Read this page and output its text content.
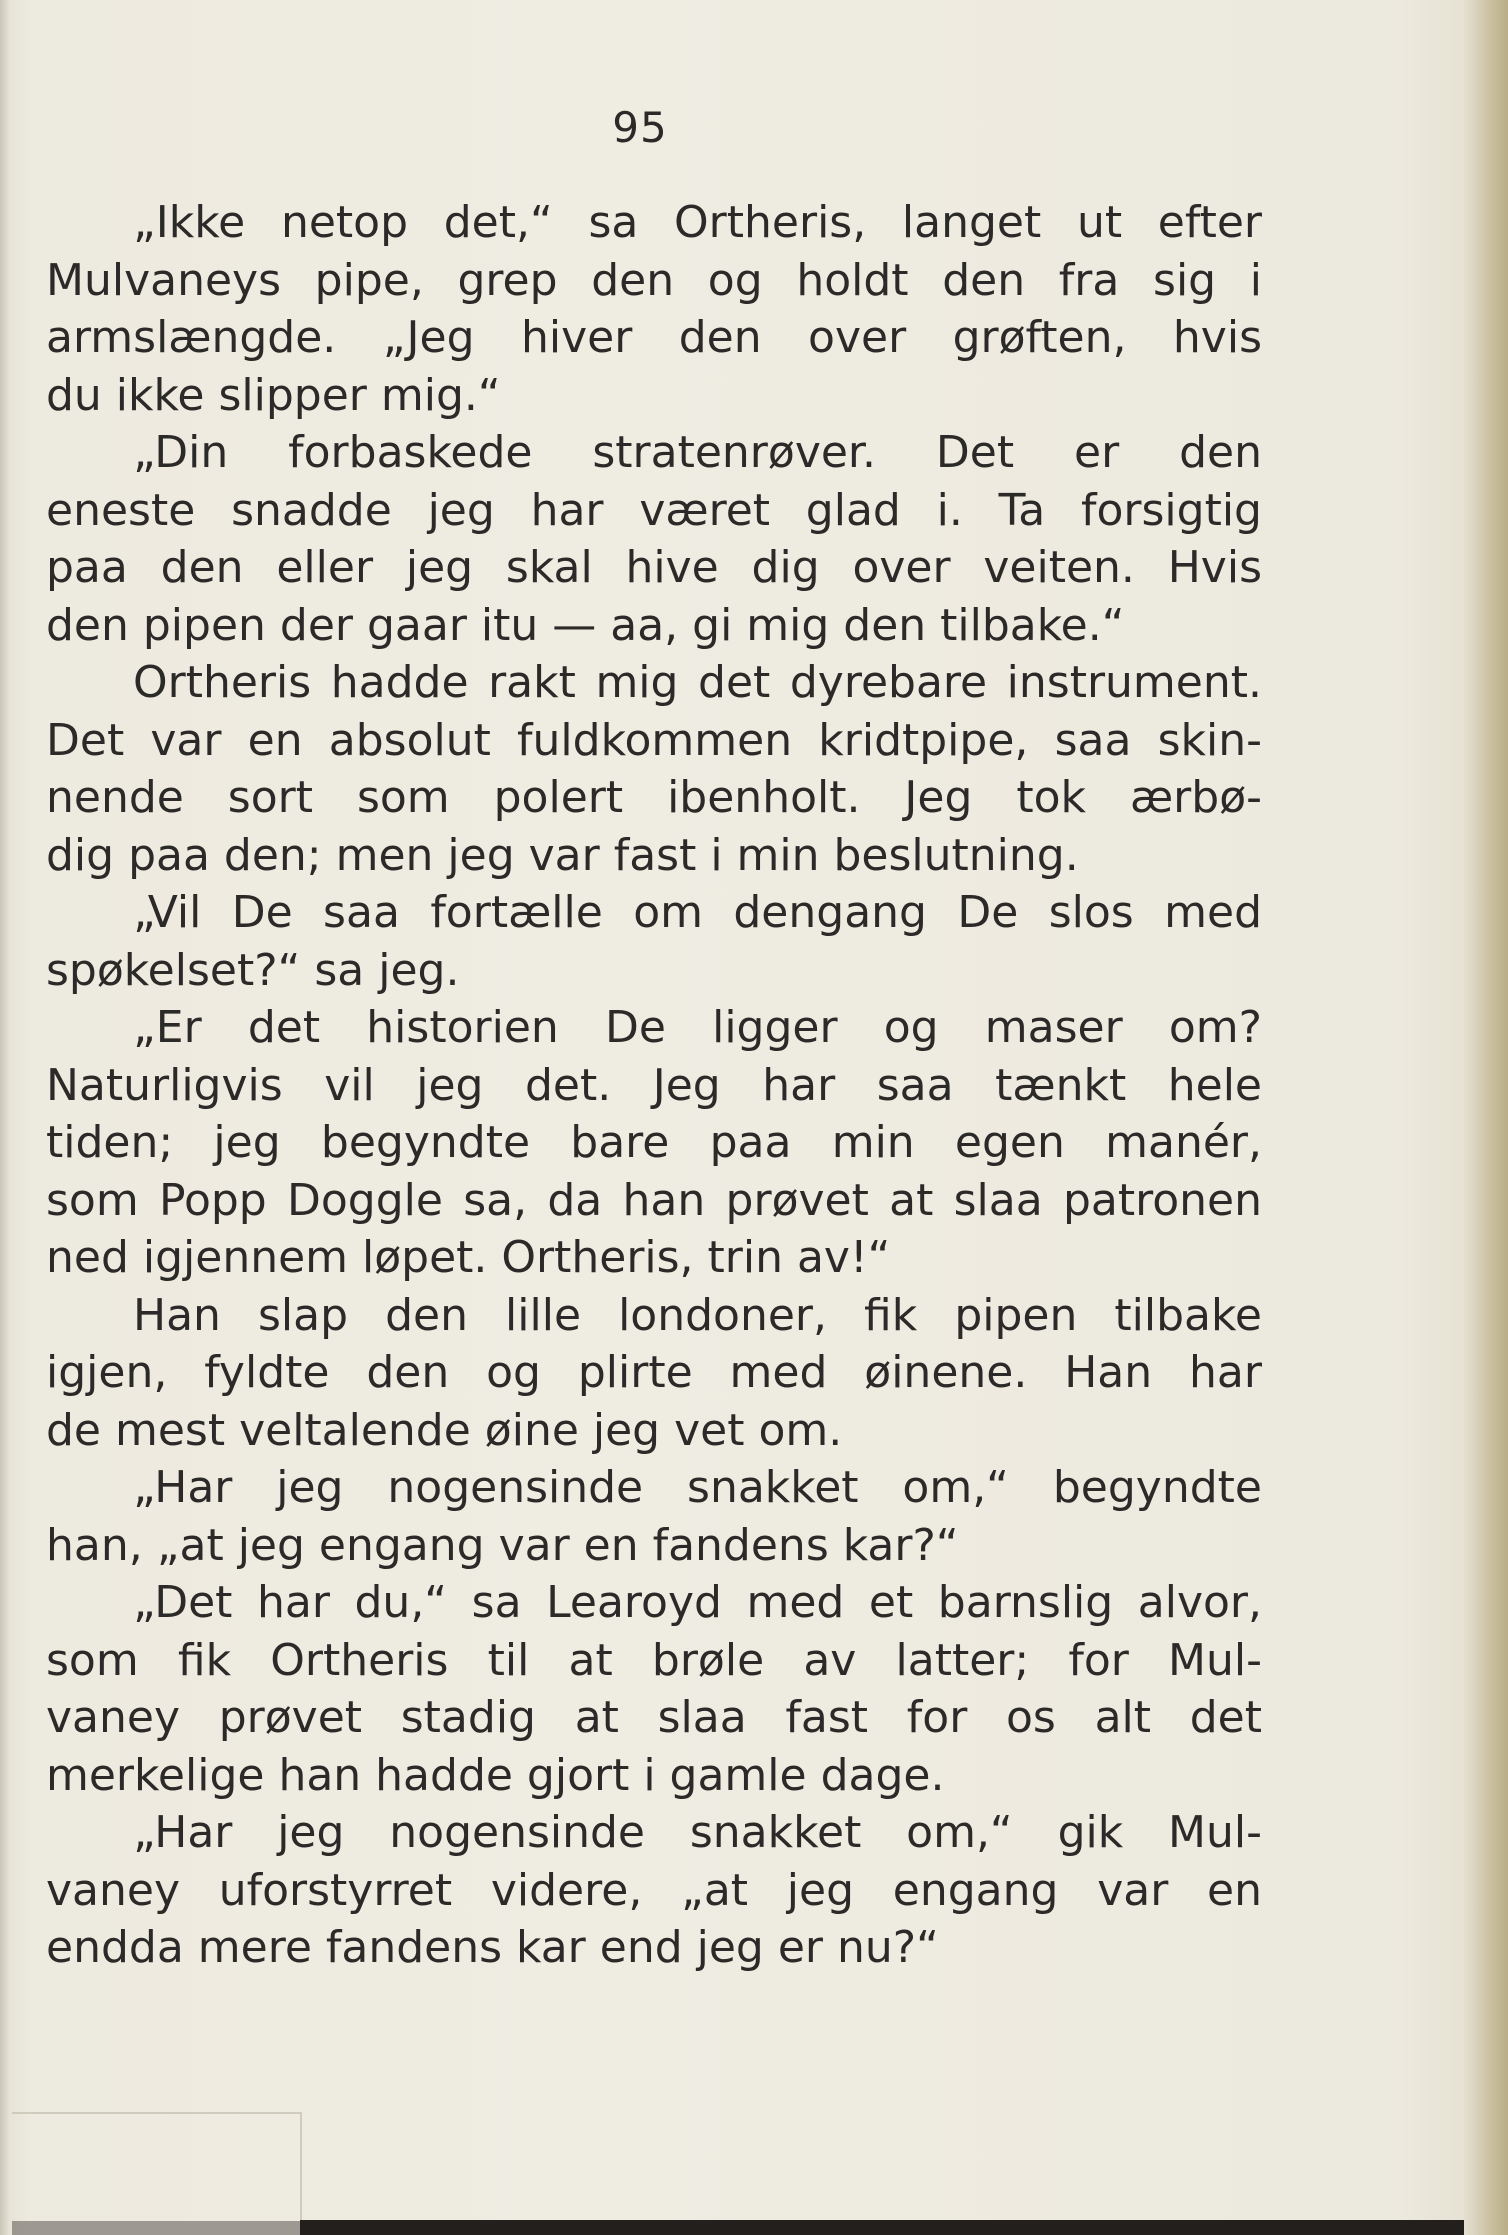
95
„Ikke netop det,“ sa Ortheris, langet ut efter
Mulvaneys pipe, grep den og holdt den fra sig i
armslængde. „Jeg hiver den over grøften, hvis
du ikke slipper mig.“
„Din forbaskede stratenrøver. Det er den
eneste snadde jeg har været glad i. Ta forsigtig
paa den eller jeg skal hive dig over veiten. Hvis
den pipen der gaar itu — aa, gi mig den tilbake.“
Ortheris hadde rakt mig det dyrebare instrument.
Det var en absolut fuldkommen kridtpipe, saa skin-
nende sort som polert ibenholt. Jeg tok ærbø-
dig paa den; men jeg var fast i min beslutning.
„Vil De saa fortælle om dengang De slos med
spøkelset?“ sa jeg.
„Er det historien De ligger og maser om?
Naturligvis vil jeg det. Jeg har saa tænkt hele
tiden; jeg begyndte bare paa min egen manér,
som Popp Doggle sa, da han prøvet at slaa patronen
ned igjennem løpet. Ortheris, trin av!“
Han slap den lille londoner, fik pipen tilbake
igjen, fyldte den og plirte med øinene. Han har
de mest veltalende øine jeg vet om.
„Har jeg nogensinde snakket om,“ begyndte
han, „at jeg engang var en fandens kar?“
„Det har du,“ sa Learoyd med et barnslig alvor,
som fik Ortheris til at brøle av latter; for Mul-
vaney prøvet stadig at slaa fast for os alt det
merkelige han hadde gjort i gamle dage.
„Har jeg nogensinde snakket om,“ gik Mul-
vaney uforstyrret videre, „at jeg engang var en
endda mere fandens kar end jeg er nu?“
